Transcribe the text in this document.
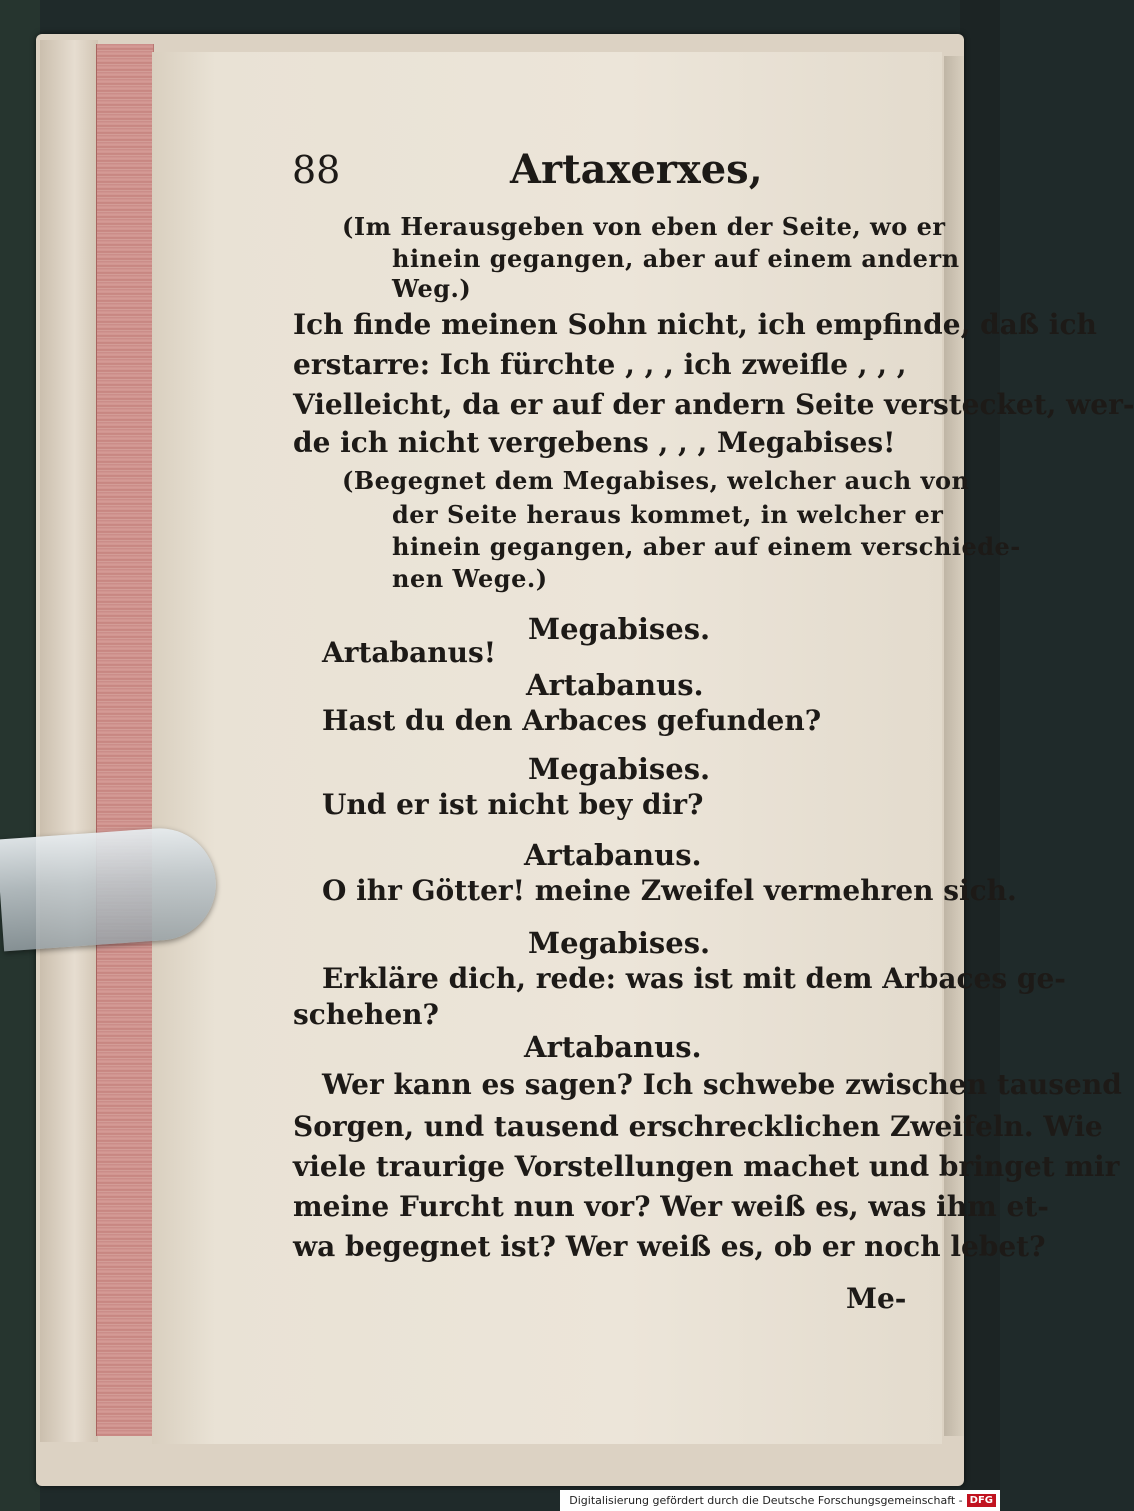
88	Artaxerxes,
(Im Herausgeben von eben der Seite, wo er
hinein gegangen, aber auf einem andern
Weg.)
Ich finde meinen Sohn nicht, ich empfinde, daß ich
erstarre: Ich fürchte , , , ich zweifle , , ,
Vielleicht, da er auf der andern Seite verstecket, wer-
de ich nicht vergebens , , , Megabises!
(Begegnet dem Megabises, welcher auch von
der Seite heraus kommet, in welcher er
hinein gegangen, aber auf einem verschiede-
nen Wege.)
Megabises.
Artabanus!
Artabanus.
Hast du den Arbaces gefunden?
Megabises.
Und er ist nicht bey dir?
Artabanus.
O ihr Götter! meine Zweifel vermehren sich.
Megabises.
Erkläre dich, rede: was ist mit dem Arbaces ge-
schehen?
Artabanus.
Wer kann es sagen? Ich schwebe zwischen tausend
Sorgen, und tausend erschrecklichen Zweifeln. Wie
viele traurige Vorstellungen machet und bringet mir
meine Furcht nun vor? Wer weiß es, was ihm et-
wa begegnet ist? Wer weiß es, ob er noch lebet?
Me-
Digitalisierung gefördert durch die Deutsche Forschungsgemeinschaft - DFG
